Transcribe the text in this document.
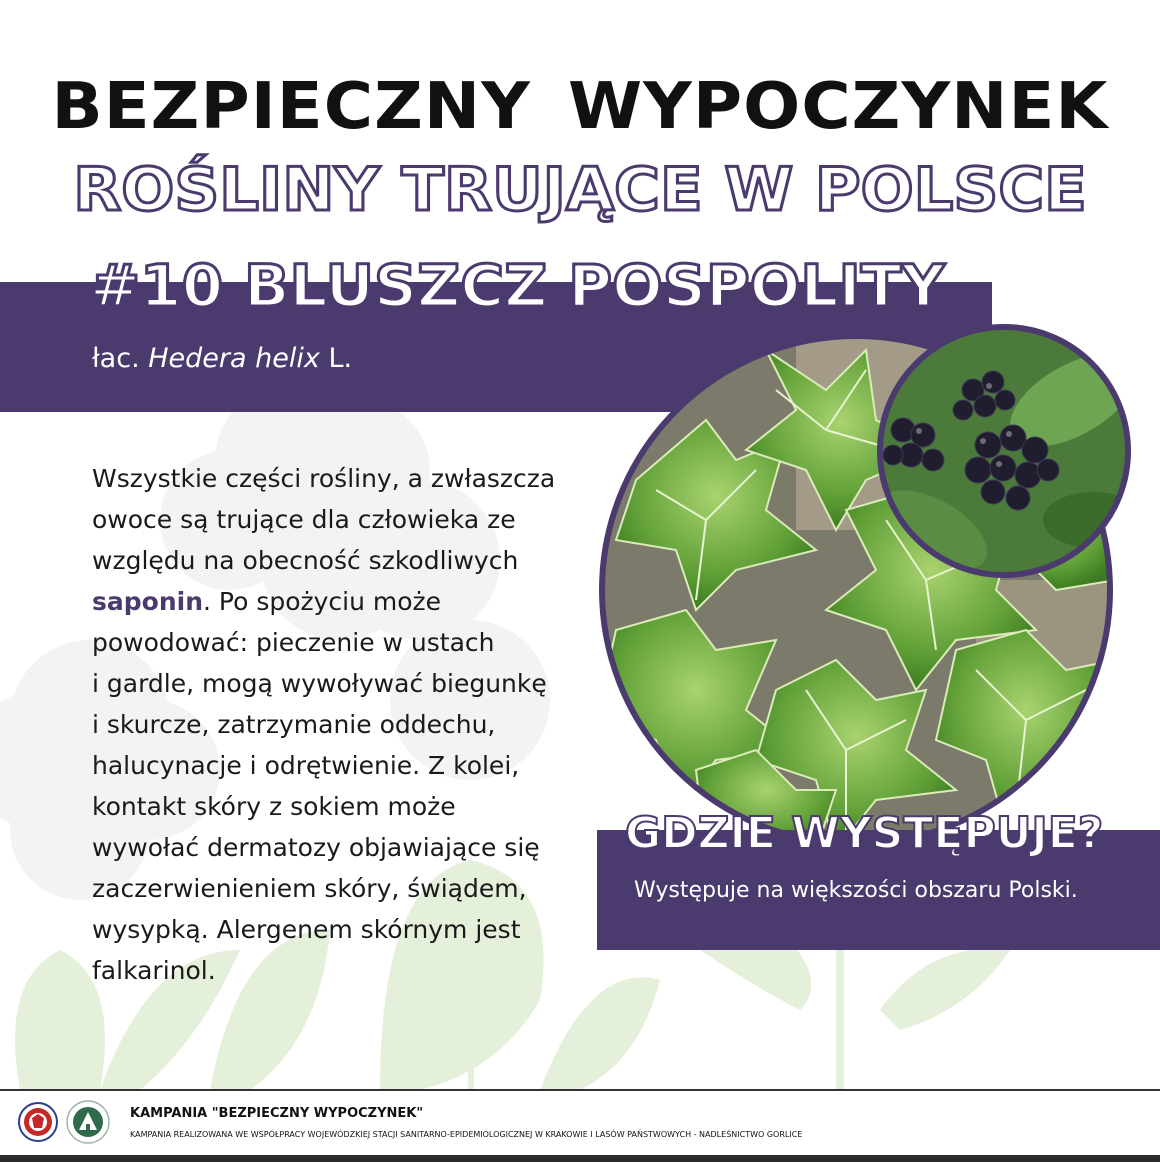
BEZPIECZNY WYPOCZYNEK
ROŚLINY TRUJĄCE W POLSCE
#10 BLUSZCZ POSPOLITY
łac. Hedera helix L.
Wszystkie części rośliny, a zwłaszcza
owoce są trujące dla człowieka ze
względu na obecność szkodliwych
saponin. Po spożyciu może
powodować: pieczenie w ustach
i gardle, mogą wywoływać biegunkę
i skurcze, zatrzymanie oddechu,
halucynacje i odrętwienie. Z kolei,
kontakt skóry z sokiem może
wywołać dermatozy objawiające się
zaczerwienieniem skóry, świądem,
wysypką. Alergenem skórnym jest
falkarinol.
GDZIE WYSTĘPUJE?
Występuje na większości obszaru Polski.
KAMPANIA "BEZPIECZNY WYPOCZYNEK"
KAMPANIA REALIZOWANA WE WSPÓŁPRACY WOJEWÓDZKIEJ STACJI SANITARNO-EPIDEMIOLOGICZNEJ W KRAKOWIE I LASÓW PAŃSTWOWYCH - NADLEŚNICTWO GORLICE
